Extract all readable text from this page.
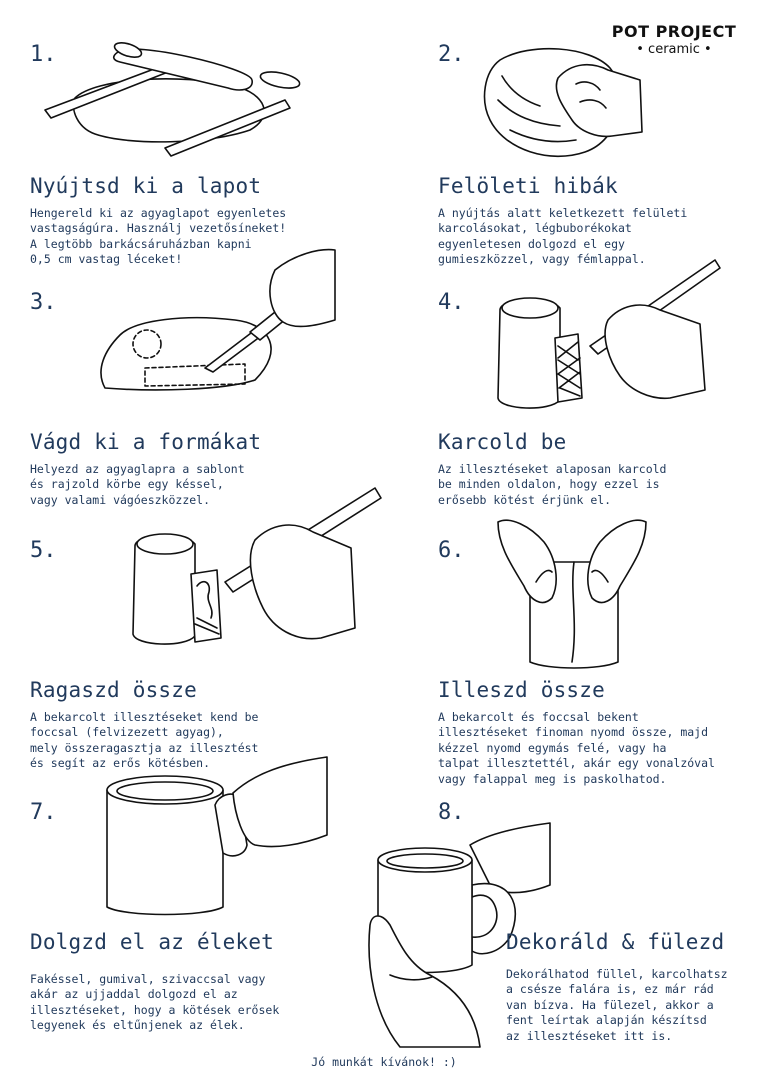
POT PROJECT
• ceramic •
1.
Nyújtsd ki a lapot
Hengereld ki az agyaglapot egyenletes
vastagságúra. Használj vezetősíneket!
A legtöbb barkácsáruházban kapni
0,5 cm vastag léceket!
2.
Felöleti hibák
A nyújtás alatt keletkezett felületi
karcolásokat, légbuborékokat
egyenletesen dolgozd el egy
gumieszközzel, vagy fémlappal.
3.
Vágd ki a formákat
Helyezd az agyaglapra a sablont
és rajzold körbe egy késsel,
vagy valami vágóeszközzel.
4.
Karcold be
Az illesztéseket alaposan karcold
be minden oldalon, hogy ezzel is
erősebb kötést érjünk el.
5.
Ragaszd össze
A bekarcolt illesztéseket kend be
foccsal (felvizezett agyag),
mely összeragasztja az illesztést
és segít az erős kötésben.
6.
Illeszd össze
A bekarcolt és foccsal bekent
illesztéseket finoman nyomd össze, majd
kézzel nyomd egymás felé, vagy ha
talpat illesztettél, akár egy vonalzóval
vagy falappal meg is paskolhatod.
7.
Dolgzd el az éleket
Fakéssel, gumival, szivaccsal vagy
akár az ujjaddal dolgozd el az
illesztéseket, hogy a kötések erősek
legyenek és eltűnjenek az élek.
8.
Dekoráld & fülezd
Dekorálhatod füllel, karcolhatsz
a csésze falára is, ez már rád
van bízva. Ha fülezel, akkor a
fent leírtak alapján készítsd
az illesztéseket itt is.
Jó munkát kívánok! :)
